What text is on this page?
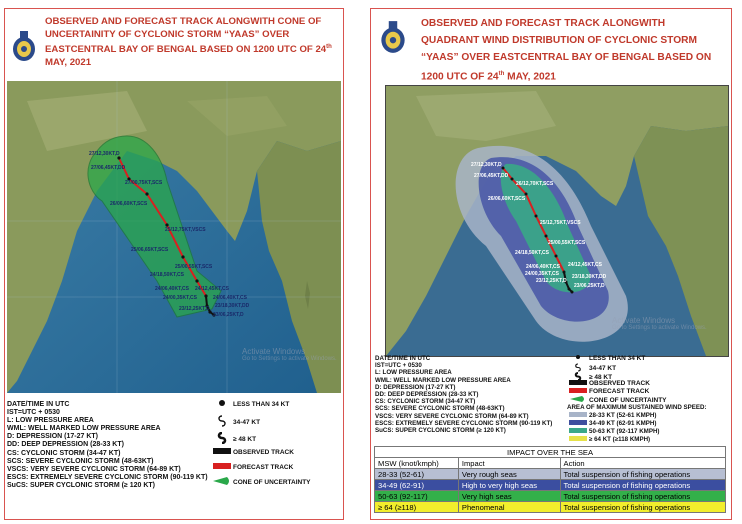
OBSERVED AND FORECAST TRACK ALONGWITH CONE OF UNCERTAINITY OF CYCLONIC STORM “YAAS” OVER EASTCENTRAL BAY OF BENGAL BASED ON 1200 UTC OF 24th MAY, 2021
27/12,30KT,D
27/06,45KT,DD
27/00,75KT,SCS
26/06,60KT,SCS
25/12,75KT,VSCS
25/06,65KT,SCS
25/00,55KT,SCS
24/18,50KT,CS
24/12,45KT,CS
24/06,40KT,CS
24/00,35KT,CS	24/06,40KT,CS
23/18,30KT,DD
23/12,25KT,D
23/06,25KT,D
Activate Windows
Go to Settings to activate Windows.
DATE/TIME IN UTC
IST=UTC + 0530
L: LOW PRESSURE AREA
WML: WELL MARKED LOW PRESSURE AREA
D: DEPRESSION (17-27 KT)
DD: DEEP DEPRESSION (28-33 KT)
CS: CYCLONIC STORM (34-47 KT)
SCS: SEVERE CYCLONIC STORM (48-63KT)
VSCS: VERY SEVERE CYCLONIC STORM (64-89 KT)
ESCS: EXTREMELY SEVERE CYCLONIC STORM (90-119 KT)
SuCS: SUPER CYCLONIC STORM (≥ 120 KT)
LESS THAN 34 KT
34-47 KT
≥ 48 KT
OBSERVED TRACK
FORECAST TRACK
CONE OF UNCERTAINTY
OBSERVED AND FORECAST TRACK ALONGWITH QUADRANT WIND DISTRIBUTION OF CYCLONIC STORM “YAAS” OVER EASTCENTRAL BAY OF BENGAL BASED ON 1200 UTC OF 24th MAY, 2021
27/12,30KT,D
27/06,45KT,DD
26/12,70KT,SCS
26/06,60KT,SCS
25/12,75KT,VSCS
25/00,55KT,SCS
24/18,50KT,CS
24/06,40KT,CS 24/12,45KT,CS
24/00,35KT,CS	23/18,30KT,DD
23/12,25KT,D
23/06,25KT,D
Activate Windows
Go to Settings to activate Windows.
DATE/TIME IN UTC
IST=UTC + 0530
L: LOW PRESSURE AREA
WML: WELL MARKED LOW PRESSURE AREA
D: DEPRESSION (17-27 KT)
DD: DEEP DEPRESSION (28-33 KT)
CS: CYCLONIC STORM (34-47 KT)
SCS: SEVERE CYCLONIC STORM (48-63KT)
VSCS: VERY SEVERE CYCLONIC STORM (64-89 KT)
ESCS: EXTREMELY SEVERE CYCLONIC STORM (90-119 KT)
SuCS: SUPER CYCLONIC STORM (≥ 120 KT)
LESS THAN 34 KT
34-47 KT
≥ 48 KT
OBSERVED TRACK
FORECAST TRACK
CONE OF UNCERTAINTY
AREA OF MAXIMUM SUSTAINED WIND SPEED:
28-33 KT (52-61 KMPH)
34-49 KT (62-91 KMPH)
50-63 KT (92-117 KMPH)
≥ 64 KT (≥118 KMPH)
IMPACT OVER THE SEA		
MSW (knot/kmph)	Impact	Action
28-33 (52-61)	Very rough seas	Total suspension of fishing operations
34-49 (62-91)	High to very high seas	Total suspension of fishing operations
50-63 (92-117)	Very high seas	Total suspension of fishing operations
≥ 64 (≥118)	Phenomenal	Total suspension of fishing operations
